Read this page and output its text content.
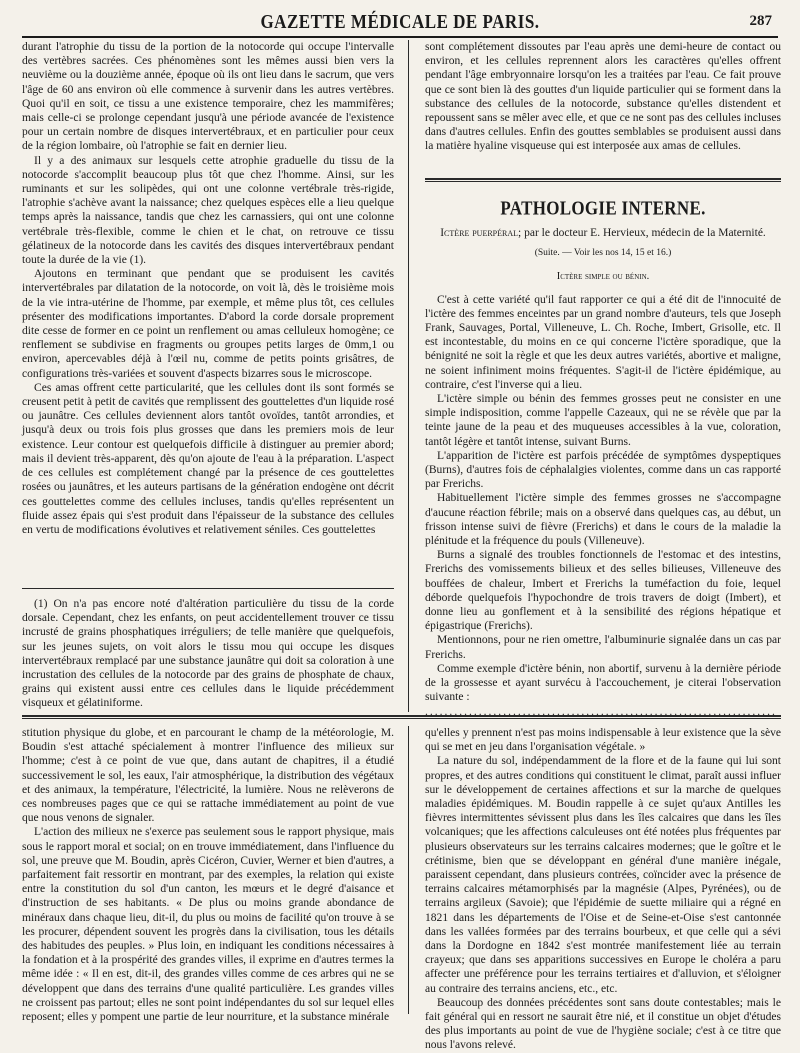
GAZETTE MÉDICALE DE PARIS.	287

durant l'atrophie du tissu de la portion de la notocorde qui occupe l'intervalle des vertèbres sacrées. Ces phénomènes sont les mêmes aussi bien vers la neuvième ou la douzième année, époque où ils ont lieu dans le sacrum, que vers l'âge de 60 ans environ où elle commence à survenir dans les autres vertèbres. Quoi qu'il en soit, ce tissu a une existence temporaire, chez les mammifères; mais celle-ci se prolonge cependant jusqu'à une période avancée de l'existence pour un certain nombre de disques intervertébraux, et en particulier pour ceux de la région lombaire, où l'atrophie se fait en dernier lieu.

Il y a des animaux sur lesquels cette atrophie graduelle du tissu de la notocorde s'accomplit beaucoup plus tôt que chez l'homme. Ainsi, sur les ruminants et sur les solipèdes, qui ont une colonne vertébrale très-rigide, l'atrophie s'achève avant la naissance; chez quelques espèces elle a lieu quelque temps après la naissance, tandis que chez les carnassiers, qui ont une colonne vertébrale très-flexible, comme le chien et le chat, on retrouve ce tissu gélatineux de la notocorde dans les cavités des disques intervertébraux pendant toute la durée de la vie (1).

Ajoutons en terminant que pendant que se produisent les cavités intervertébrales par dilatation de la notocorde, on voit là, dès le troisième mois de la vie intra-utérine de l'homme, par exemple, et même plus tôt, ces cellules présenter des modifications importantes. D'abord la corde dorsale proprement dite cesse de former en ce point un renflement ou amas celluleux homogène; ce renflement se subdivise en fragments ou groupes petits larges de 0mm,1 ou environ, apercevables déjà à l'œil nu, comme de petits points grisâtres, de configurations très-variées et souvent d'aspects bizarres sous le microscope.

Ces amas offrent cette particularité, que les cellules dont ils sont formés se creusent petit à petit de cavités que remplissent des gouttelettes d'un liquide rosé ou jaunâtre. Ces cellules deviennent alors tantôt ovoïdes, tantôt arrondies, et jusqu'à deux ou trois fois plus grosses que dans les premiers mois de leur existence. Leur contour est quelquefois difficile à distinguer au premier abord; mais il devient très-apparent, dès qu'on ajoute de l'eau à la préparation. L'aspect de ces cellules est complétement changé par la présence de ces gouttelettes rosées ou jaunâtres, et les auteurs partisans de la génération endogène ont décrit ces gouttelettes comme des cellules incluses, tandis qu'elles représentent un fluide assez épais qui s'est produit dans l'épaisseur de la substance des cellules en vertu de modifications évolutives et relativement séniles. Ces gouttelettes

(1) On n'a pas encore noté d'altération particulière du tissu de la corde dorsale. Cependant, chez les enfants, on peut accidentellement trouver ce tissu incrusté de grains phosphatiques irréguliers; de telle manière que quelquefois, sur les jeunes sujets, on voit alors le tissu mou qui occupe les disques intervertébraux remplacé par une substance jaunâtre qui doit sa coloration à une incrustation des cellules de la notocorde par des grains de phosphate de chaux, grains qui existent aussi entre ces cellules dans le liquide précédemment visqueux et gélatiniforme.

sont complétement dissoutes par l'eau après une demi-heure de contact ou environ, et les cellules reprennent alors les caractères qu'elles offrent pendant l'âge embryonnaire lorsqu'on les a traitées par l'eau. Ce fait prouve que ce sont bien là des gouttes d'un liquide particulier qui se forment dans la substance des cellules de la notocorde, substance qu'elles distendent et repoussent sans se mêler avec elle, et que ce ne sont pas des cellules incluses dans d'autres cellules. Enfin des gouttes semblables se produisent aussi dans la matière hyaline visqueuse qui est interposée aux amas de cellules.

PATHOLOGIE INTERNE.
Ictère puerpéral; par le docteur E. Hervieux, médecin de la Maternité.
(Suite. — Voir les nos 14, 15 et 16.)
Ictère simple ou bénin.

C'est à cette variété qu'il faut rapporter ce qui a été dit de l'innocuité de l'ictère des femmes enceintes par un grand nombre d'auteurs, tels que Joseph Frank, Sauvages, Portal, Villeneuve, L. Ch. Roche, Imbert, Grisolle, etc. Il est incontestable, du moins en ce qui concerne l'ictère sporadique, que la bénignité ne soit la règle et que les deux autres variétés, abortive et maligne, ne soient infiniment moins fréquentes. S'agit-il de l'ictère épidémique, au contraire, c'est l'inverse qui a lieu.

L'ictère simple ou bénin des femmes grosses peut ne consister en une simple indisposition, comme l'appelle Cazeaux, qui ne se révèle que par la teinte jaune de la peau et des muqueuses accessibles à la vue, coloration, tantôt légère et tantôt intense, suivant Burns.

L'apparition de l'ictère est parfois précédée de symptômes dyspeptiques (Burns), d'autres fois de céphalalgies violentes, comme dans un cas rapporté par Frerichs.

Habituellement l'ictère simple des femmes grosses ne s'accompagne d'aucune réaction fébrile; mais on a observé dans quelques cas, au début, un frisson intense suivi de fièvre (Frerichs) et dans le cours de la maladie la plénitude et la fréquence du pouls (Villeneuve).

Burns a signalé des troubles fonctionnels de l'estomac et des intestins, Frerichs des vomissements bilieux et des selles bilieuses, Villeneuve des bouffées de chaleur, Imbert et Frerichs la tuméfaction du foie, lequel déborde quelquefois l'hypochondre de trois travers de doigt (Imbert), et donne lieu au gonflement et à la sensibilité des régions hépatique et épigastrique (Frerichs).

Mentionnons, pour ne rien omettre, l'albuminurie signalée dans un cas par Frerichs.

Comme exemple d'ictère bénin, non abortif, survenu à la dernière période de la grossesse et ayant survécu à l'accouchement, je citerai l'observation suivante :

........................................................................

stitution physique du globe, et en parcourant le champ de la météorologie, M. Boudin s'est attaché spécialement à montrer l'influence des milieux sur l'homme; c'est à ce point de vue que, dans autant de chapitres, il a étudié successivement le sol, les eaux, l'air atmosphérique, la distribution des végétaux et des animaux, la température, l'électricité, la lumière. Nous ne relèverons de ces nombreuses pages que ce qui se rattache immédiatement au point de vue que nous venons de signaler.

L'action des milieux ne s'exerce pas seulement sous le rapport physique, mais sous le rapport moral et social; on en trouve immédiatement, dans l'influence du sol, une preuve que M. Boudin, après Cicéron, Cuvier, Werner et bien d'autres, a parfaitement fait ressortir en montrant, par des exemples, la relation qui existe entre la constitution du sol d'un canton, les mœurs et le degré d'aisance et d'instruction de ses habitants. « De plus ou moins grande abondance de minéraux dans chaque lieu, dit-il, du plus ou moins de facilité qu'on trouve à se les procurer, dépendent souvent les progrès dans la civilisation, tous les détails des habitudes des peuples. » Plus loin, en indiquant les conditions nécessaires à la fondation et à la prospérité des grandes villes, il exprime en d'autres termes la même idée : « Il en est, dit-il, des grandes villes comme de ces arbres qui ne se développent que dans des terrains d'une qualité particulière. Les grandes villes ne croissent pas partout; elles ne sont point indépendantes du sol sur lequel elles reposent; elles y pompent une partie de leur nourriture, et la substance minérale

qu'elles y prennent n'est pas moins indispensable à leur existence que la sève qui se met en jeu dans l'organisation végétale. »

La nature du sol, indépendamment de la flore et de la faune qui lui sont propres, et des autres conditions qui constituent le climat, paraît aussi influer sur le développement de certaines affections et sur la marche de quelques maladies épidémiques. M. Boudin rappelle à ce sujet qu'aux Antilles les fièvres intermittentes sévissent plus dans les îles calcaires que dans les îles volcaniques; que les affections calculeuses ont été notées plus fréquentes par plusieurs observateurs sur les terrains calcaires modernes; que le goître et le crétinisme, bien que se développant en général d'une manière inégale, paraissent cependant, dans plusieurs contrées, coïncider avec la présence de terrains calcaires métamorphisés par la magnésie (Alpes, Pyrénées), ou de terrains argileux (Savoie); que l'épidémie de suette miliaire qui a régné en 1821 dans les départements de l'Oise et de Seine-et-Oise s'est cantonnée dans les vallées formées par des terrains bourbeux, et que celle qui a sévi dans la Dordogne en 1842 s'est montrée manifestement liée au terrain crayeux; que dans ses apparitions successives en Europe le choléra a paru affecter une préférence pour les terrains tertiaires et d'alluvion, et s'éloigner au contraire des terrains anciens, etc., etc.

Beaucoup des données précédentes sont sans doute contestables; mais le fait général qui en ressort ne saurait être nié, et il constitue un objet d'études des plus importants au point de vue de l'hygiène sociale; c'est à ce titre que nous l'avons relevé.
